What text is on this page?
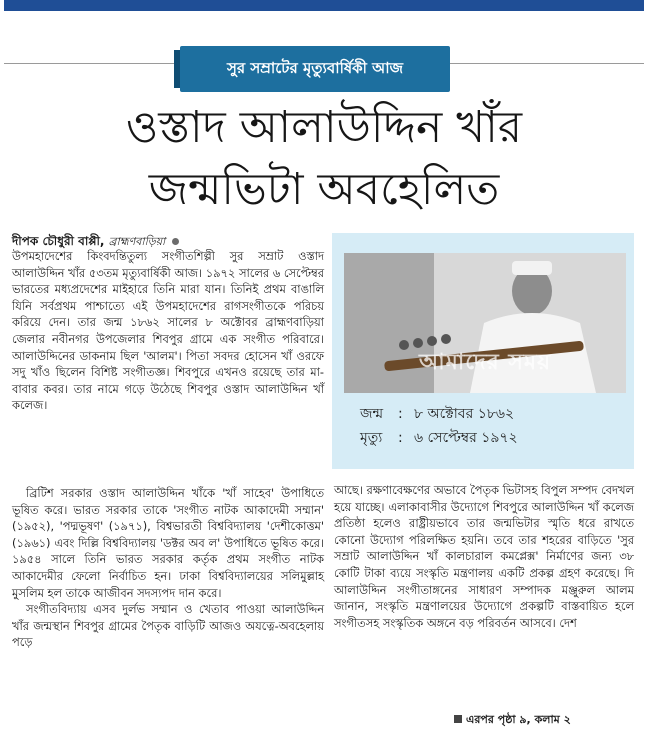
সুর সম্রাটের মৃত্যুবার্ষিকী আজ
ওস্তাদ আলাউদ্দিন খাঁর
জন্মভিটা অবহেলিত
দীপক চৌধুরী বাপ্পী, ব্রাহ্মণবাড়িয়া

উপমহাদেশের কিংবদন্তিতুল্য সংগীতশিল্পী সুর সম্রাট ওস্তাদ আলাউদ্দিন খাঁর ৫৩তম মৃত্যুবার্ষিকী আজ। ১৯৭২ সালের ৬ সেপ্টেম্বর ভারতের মধ্যপ্রদেশের মাইহারে তিনি মারা যান। তিনিই প্রথম বাঙালি যিনি সর্বপ্রথম পাশ্চাত্যে এই উপমহাদেশের রাগসংগীতকে পরিচয় করিয়ে দেন। তার জন্ম ১৮৬২ সালের ৮ অক্টোবর ব্রাহ্মণবাড়িয়া জেলার নবীনগর উপজেলার শিবপুর গ্রামে এক সংগীত পরিবারে। আলাউদ্দিনের ডাকনাম ছিল 'আলম'। পিতা সবদর হোসেন খাঁ ওরফে সদু খাঁও ছিলেন বিশিষ্ট সংগীতজ্ঞ। শিবপুরে এখনও রয়েছে তার মা-বাবার কবর। তার নামে গড়ে উঠেছে শিবপুর ওস্তাদ আলাউদ্দিন খাঁ কলেজ।

ব্রিটিশ সরকার ওস্তাদ আলাউদ্দিন খাঁকে 'খাঁ সাহেব' উপাধিতে ভূষিত করে। ভারত সরকার তাকে 'সংগীত নাটক আকাদেমী সম্মান' (১৯৫২), 'পদ্মভূষণ' (১৯৭১), বিশ্বভারতী বিশ্ববিদ্যালয় 'দেশীকোত্তম' (১৯৬১) এবং দিল্লি বিশ্ববিদ্যালয় 'ডক্টর অব ল' উপাধিতে ভূষিত করে। ১৯৫৪ সালে তিনি ভারত সরকার কর্তৃক প্রথম সংগীত নাটক আকাদেমীর ফেলো নির্বাচিত হন। ঢাকা বিশ্ববিদ্যালয়ের সলিমুল্লাহ মুসলিম হল তাকে আজীবন সদস্যপদ দান করে।

সংগীতবিদ্যায় এসব দুর্লভ সম্মান ও খেতাব পাওয়া আলাউদ্দিন খাঁর জন্মস্থান শিবপুর গ্রামের পৈতৃক বাড়িটি আজও অযত্নে-অবহেলায় পড়ে

আমাদের সময়
জন্ম : ৮ অক্টোবর ১৮৬২
মৃত্যু : ৬ সেপ্টেম্বর ১৯৭২

আছে। রক্ষণাবেক্ষণের অভাবে পৈতৃক ভিটাসহ বিপুল সম্পদ বেদখল হয়ে যাচ্ছে। এলাকাবাসীর উদ্যোগে শিবপুরে আলাউদ্দিন খাঁ কলেজ প্রতিষ্ঠা হলেও রাষ্ট্রীয়ভাবে তার জন্মভিটার স্মৃতি ধরে রাখতে কোনো উদ্যোগ পরিলক্ষিত হয়নি। তবে তার শহরের বাড়িতে 'সুর সম্রাট আলাউদ্দিন খাঁ কালচারাল কমপ্লেক্স' নির্মাণের জন্য ৩৮ কোটি টাকা ব্যয়ে সংস্কৃতি মন্ত্রণালয় একটি প্রকল্প গ্রহণ করেছে। দি আলাউদ্দিন সংগীতাঙ্গনের সাধারণ সম্পাদক মঞ্জুরুল আলম জানান, সংস্কৃতি মন্ত্রণালয়ের উদ্যোগে প্রকল্পটি বাস্তবায়িত হলে সংগীতসহ সংস্কৃতিক অঙ্গনে বড় পরিবর্তন আসবে। দেশ

এরপর পৃষ্ঠা ৯, কলাম ২
